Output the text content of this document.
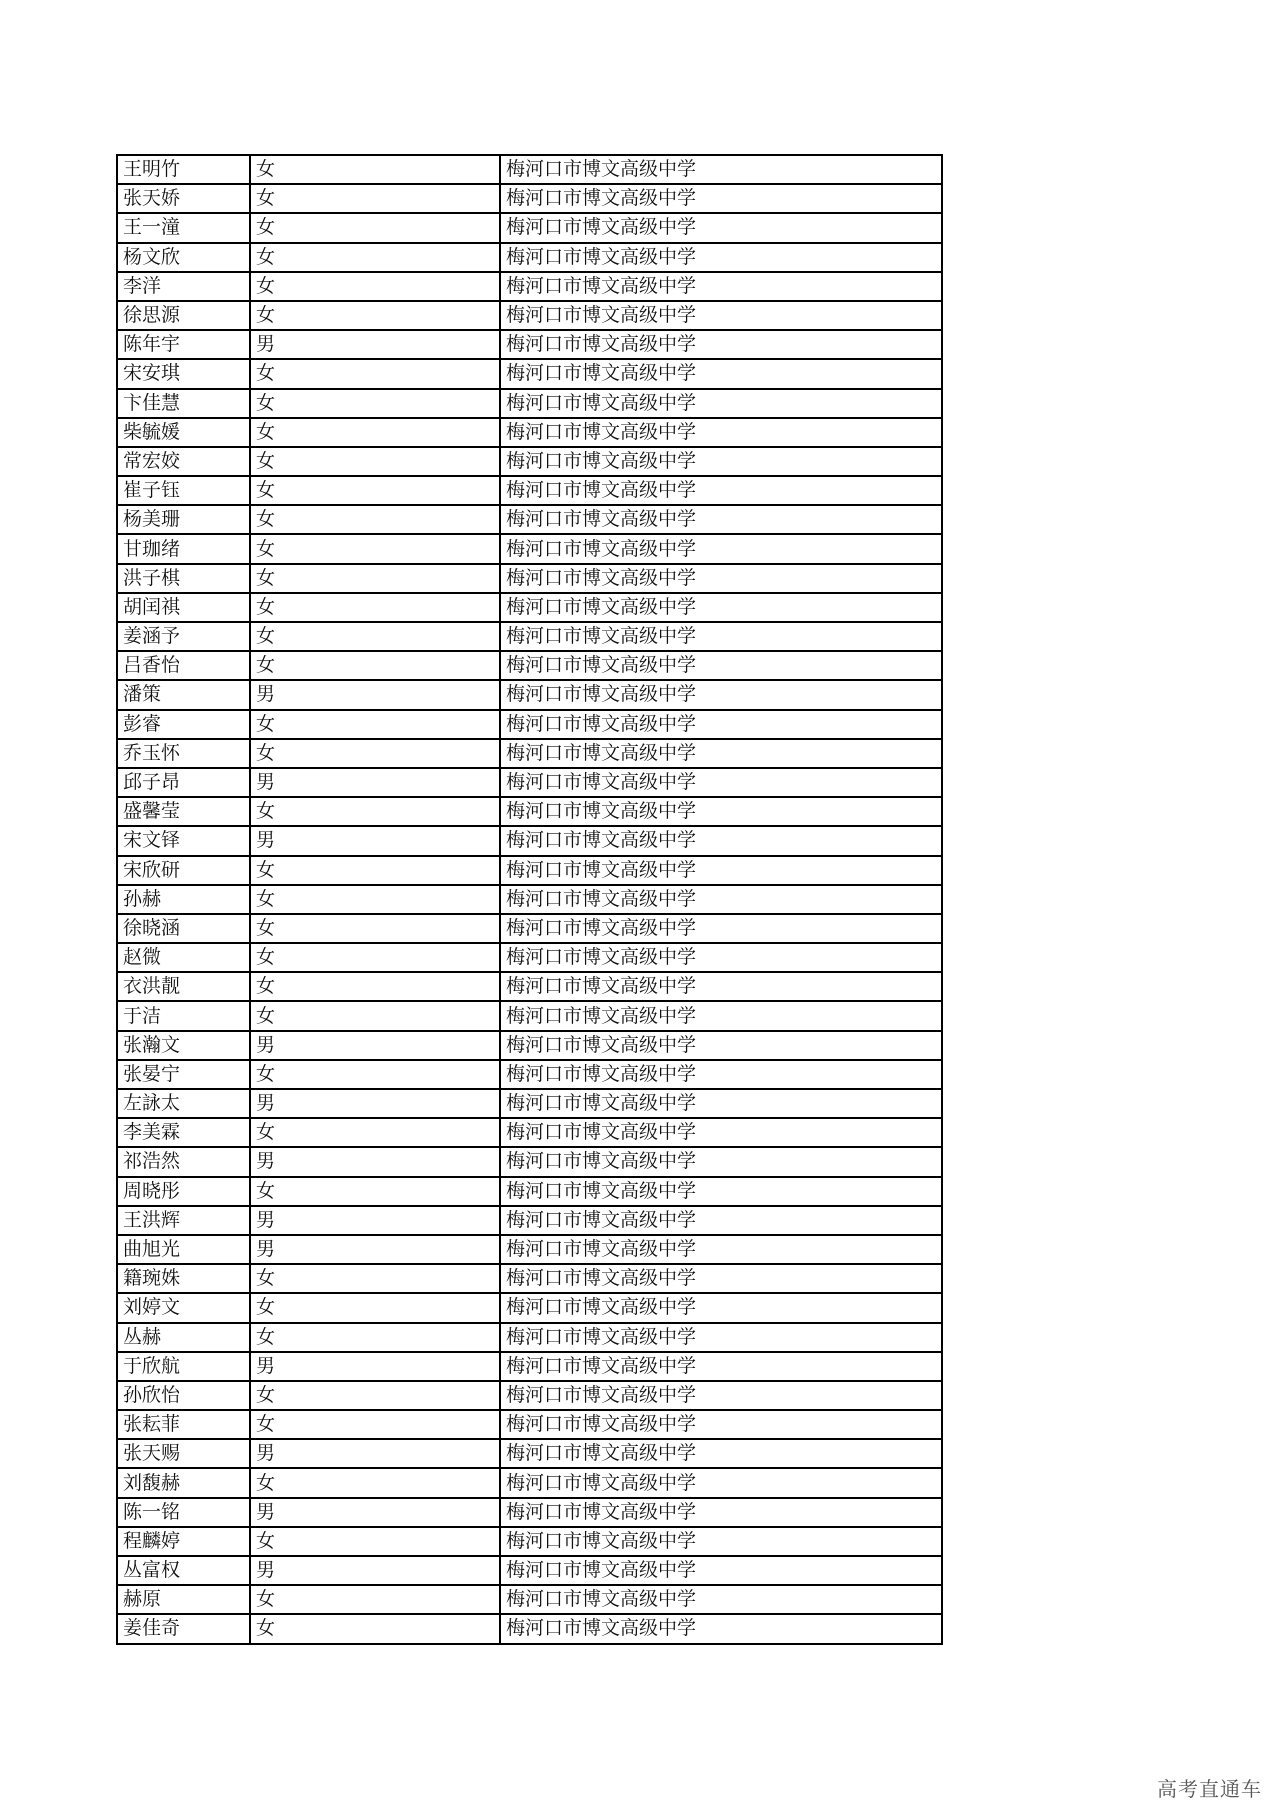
王明竹	女	梅河口市博文高级中学
张天娇	女	梅河口市博文高级中学
王一潼	女	梅河口市博文高级中学
杨文欣	女	梅河口市博文高级中学
李洋	女	梅河口市博文高级中学
徐思源	女	梅河口市博文高级中学
陈年宇	男	梅河口市博文高级中学
宋安琪	女	梅河口市博文高级中学
卞佳慧	女	梅河口市博文高级中学
柴毓媛	女	梅河口市博文高级中学
常宏姣	女	梅河口市博文高级中学
崔子钰	女	梅河口市博文高级中学
杨美珊	女	梅河口市博文高级中学
甘珈绪	女	梅河口市博文高级中学
洪子棋	女	梅河口市博文高级中学
胡闰祺	女	梅河口市博文高级中学
姜涵予	女	梅河口市博文高级中学
吕香怡	女	梅河口市博文高级中学
潘策	男	梅河口市博文高级中学
彭睿	女	梅河口市博文高级中学
乔玉怀	女	梅河口市博文高级中学
邱子昂	男	梅河口市博文高级中学
盛馨莹	女	梅河口市博文高级中学
宋文铎	男	梅河口市博文高级中学
宋欣研	女	梅河口市博文高级中学
孙赫	女	梅河口市博文高级中学
徐晓涵	女	梅河口市博文高级中学
赵微	女	梅河口市博文高级中学
衣洪靓	女	梅河口市博文高级中学
于洁	女	梅河口市博文高级中学
张瀚文	男	梅河口市博文高级中学
张晏宁	女	梅河口市博文高级中学
左詠太	男	梅河口市博文高级中学
李美霖	女	梅河口市博文高级中学
祁浩然	男	梅河口市博文高级中学
周晓彤	女	梅河口市博文高级中学
王洪辉	男	梅河口市博文高级中学
曲旭光	男	梅河口市博文高级中学
籍琬姝	女	梅河口市博文高级中学
刘婷文	女	梅河口市博文高级中学
丛赫	女	梅河口市博文高级中学
于欣航	男	梅河口市博文高级中学
孙欣怡	女	梅河口市博文高级中学
张耘菲	女	梅河口市博文高级中学
张天赐	男	梅河口市博文高级中学
刘馥赫	女	梅河口市博文高级中学
陈一铭	男	梅河口市博文高级中学
程麟婷	女	梅河口市博文高级中学
丛富权	男	梅河口市博文高级中学
赫原	女	梅河口市博文高级中学
姜佳奇	女	梅河口市博文高级中学
高考直通车
